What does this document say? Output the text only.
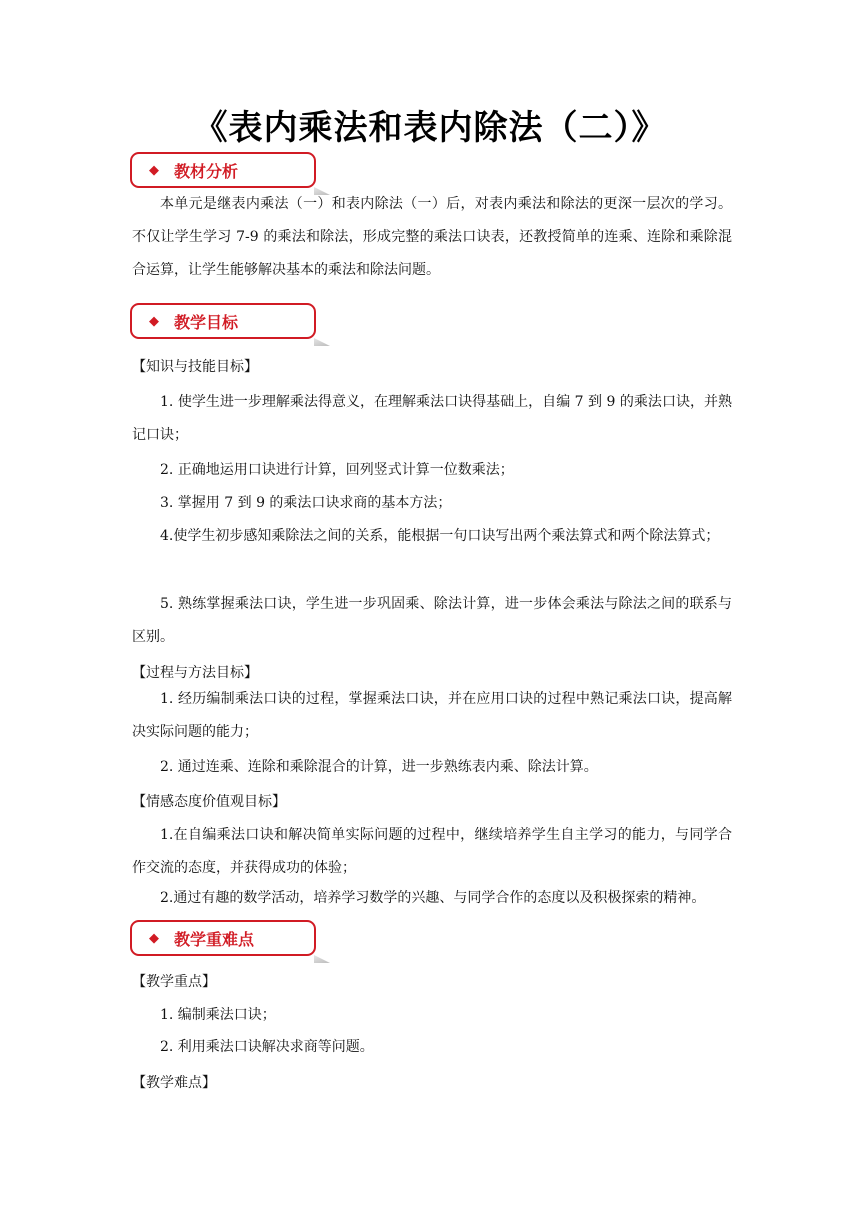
《表内乘法和表内除法（二）》
◆ 教材分析
本单元是继表内乘法（一）和表内除法（一）后，对表内乘法和除法的更深一层次的学习。不仅让学生学习 7-9 的乘法和除法，形成完整的乘法口诀表，还教授简单的连乘、连除和乘除混合运算，让学生能够解决基本的乘法和除法问题。
◆ 教学目标
【知识与技能目标】
1. 使学生进一步理解乘法得意义，在理解乘法口诀得基础上，自编 7 到 9 的乘法口诀，并熟记口诀；
2. 正确地运用口诀进行计算，回列竖式计算一位数乘法；
3. 掌握用 7 到 9 的乘法口诀求商的基本方法；
4.使学生初步感知乘除法之间的关系，能根据一句口诀写出两个乘法算式和两个除法算式；
5. 熟练掌握乘法口诀，学生进一步巩固乘、除法计算，进一步体会乘法与除法之间的联系与区别。
【过程与方法目标】
1. 经历编制乘法口诀的过程，掌握乘法口诀，并在应用口诀的过程中熟记乘法口诀，提高解决实际问题的能力；
2. 通过连乘、连除和乘除混合的计算，进一步熟练表内乘、除法计算。
【情感态度价值观目标】
1.在自编乘法口诀和解决简单实际问题的过程中，继续培养学生自主学习的能力，与同学合作交流的态度，并获得成功的体验；
2.通过有趣的数学活动，培养学习数学的兴趣、与同学合作的态度以及积极探索的精神。
◆ 教学重难点
【教学重点】
1. 编制乘法口诀；
2. 利用乘法口诀解决求商等问题。
【教学难点】
